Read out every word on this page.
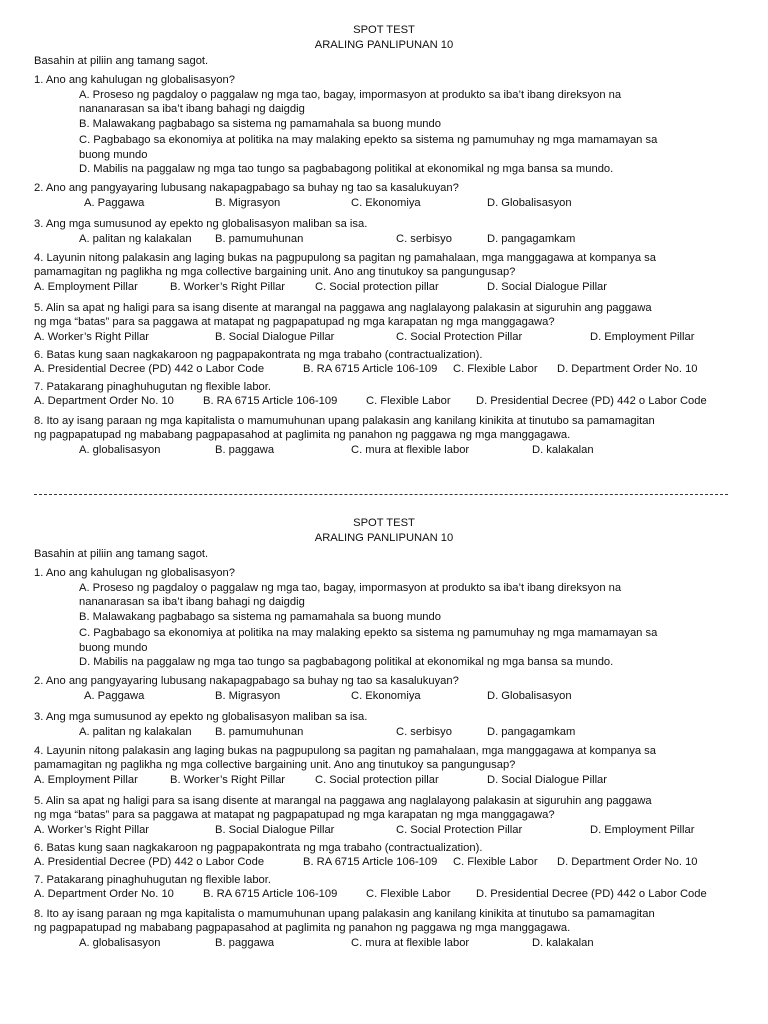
SPOT TEST
ARALING PANLIPUNAN 10
Basahin at piliin ang tamang sagot.
1. Ano ang kahulugan ng globalisasyon?
A. Proseso ng pagdaloy o paggalaw ng mga tao, bagay, impormasyon at produkto sa iba’t ibang direksyon na
nananarasan sa iba’t ibang bahagi ng daigdig
B. Malawakang pagbabago sa sistema ng pamamahala sa buong mundo
C. Pagbabago sa ekonomiya at politika na may malaking epekto sa sistema ng pamumuhay ng mga mamamayan sa
buong mundo
D. Mabilis na paggalaw ng mga tao tungo sa pagbabagong politikal at ekonomikal ng mga bansa sa mundo.
2. Ano ang pangyayaring lubusang nakapagpabago sa buhay ng tao sa kasalukuyan?
A. Paggawa	B. Migrasyon	C. Ekonomiya	D. Globalisasyon
3. Ang mga sumusunod ay epekto ng globalisasyon maliban sa isa.
A. palitan ng kalakalan B. pamumuhunan	C. serbisyo	D. pangagamkam
4. Layunin nitong palakasin ang laging bukas na pagpupulong sa pagitan ng pamahalaan, mga manggagawa at kompanya sa
pamamagitan ng paglikha ng mga collective bargaining unit. Ano ang tinutukoy sa pangungusap?
A. Employment Pillar	B. Worker’s Right Pillar	C. Social protection pillar	D. Social Dialogue Pillar
5. Alin sa apat ng haligi para sa isang disente at marangal na paggawa ang naglalayong palakasin at siguruhin ang paggawa
ng mga “batas” para sa paggawa at matapat ng pagpapatupad ng mga karapatan ng mga manggagawa?
A. Worker’s Right Pillar	B. Social Dialogue Pillar	C. Social Protection Pillar	D. Employment Pillar
6. Batas kung saan nagkakaroon ng pagpapakontrata ng mga trabaho (contractualization).
A. Presidential Decree (PD) 442 o Labor Code	B. RA 6715 Article 106-109 C. Flexible Labor D. Department Order No. 10
7. Patakarang pinaghuhugutan ng flexible labor.
A. Department Order No. 10	B. RA 6715 Article 106-109	C. Flexible Labor D. Presidential Decree (PD) 442 o Labor Code
8. Ito ay isang paraan ng mga kapitalista o mamumuhunan upang palakasin ang kanilang kinikita at tinutubo sa pamamagitan
ng pagpapatupad ng mababang pagpapasahod at paglimita ng panahon ng paggawa ng mga manggagawa.
A. globalisasyon	B. paggawa	C. mura at flexible labor	D. kalakalan
SPOT TEST
ARALING PANLIPUNAN 10
Basahin at piliin ang tamang sagot.
1. Ano ang kahulugan ng globalisasyon?
A. Proseso ng pagdaloy o paggalaw ng mga tao, bagay, impormasyon at produkto sa iba’t ibang direksyon na
nananarasan sa iba’t ibang bahagi ng daigdig
B. Malawakang pagbabago sa sistema ng pamamahala sa buong mundo
C. Pagbabago sa ekonomiya at politika na may malaking epekto sa sistema ng pamumuhay ng mga mamamayan sa
buong mundo
D. Mabilis na paggalaw ng mga tao tungo sa pagbabagong politikal at ekonomikal ng mga bansa sa mundo.
2. Ano ang pangyayaring lubusang nakapagpabago sa buhay ng tao sa kasalukuyan?
A. Paggawa	B. Migrasyon	C. Ekonomiya	D. Globalisasyon
3. Ang mga sumusunod ay epekto ng globalisasyon maliban sa isa.
A. palitan ng kalakalan B. pamumuhunan	C. serbisyo	D. pangagamkam
4. Layunin nitong palakasin ang laging bukas na pagpupulong sa pagitan ng pamahalaan, mga manggagawa at kompanya sa
pamamagitan ng paglikha ng mga collective bargaining unit. Ano ang tinutukoy sa pangungusap?
A. Employment Pillar	B. Worker’s Right Pillar	C. Social protection pillar	D. Social Dialogue Pillar
5. Alin sa apat ng haligi para sa isang disente at marangal na paggawa ang naglalayong palakasin at siguruhin ang paggawa
ng mga “batas” para sa paggawa at matapat ng pagpapatupad ng mga karapatan ng mga manggagawa?
A. Worker’s Right Pillar	B. Social Dialogue Pillar	C. Social Protection Pillar	D. Employment Pillar
6. Batas kung saan nagkakaroon ng pagpapakontrata ng mga trabaho (contractualization).
A. Presidential Decree (PD) 442 o Labor Code	B. RA 6715 Article 106-109 C. Flexible Labor D. Department Order No. 10
7. Patakarang pinaghuhugutan ng flexible labor.
A. Department Order No. 10	B. RA 6715 Article 106-109	C. Flexible Labor D. Presidential Decree (PD) 442 o Labor Code
8. Ito ay isang paraan ng mga kapitalista o mamumuhunan upang palakasin ang kanilang kinikita at tinutubo sa pamamagitan
ng pagpapatupad ng mababang pagpapasahod at paglimita ng panahon ng paggawa ng mga manggagawa.
A. globalisasyon	B. paggawa	C. mura at flexible labor	D. kalakalan
